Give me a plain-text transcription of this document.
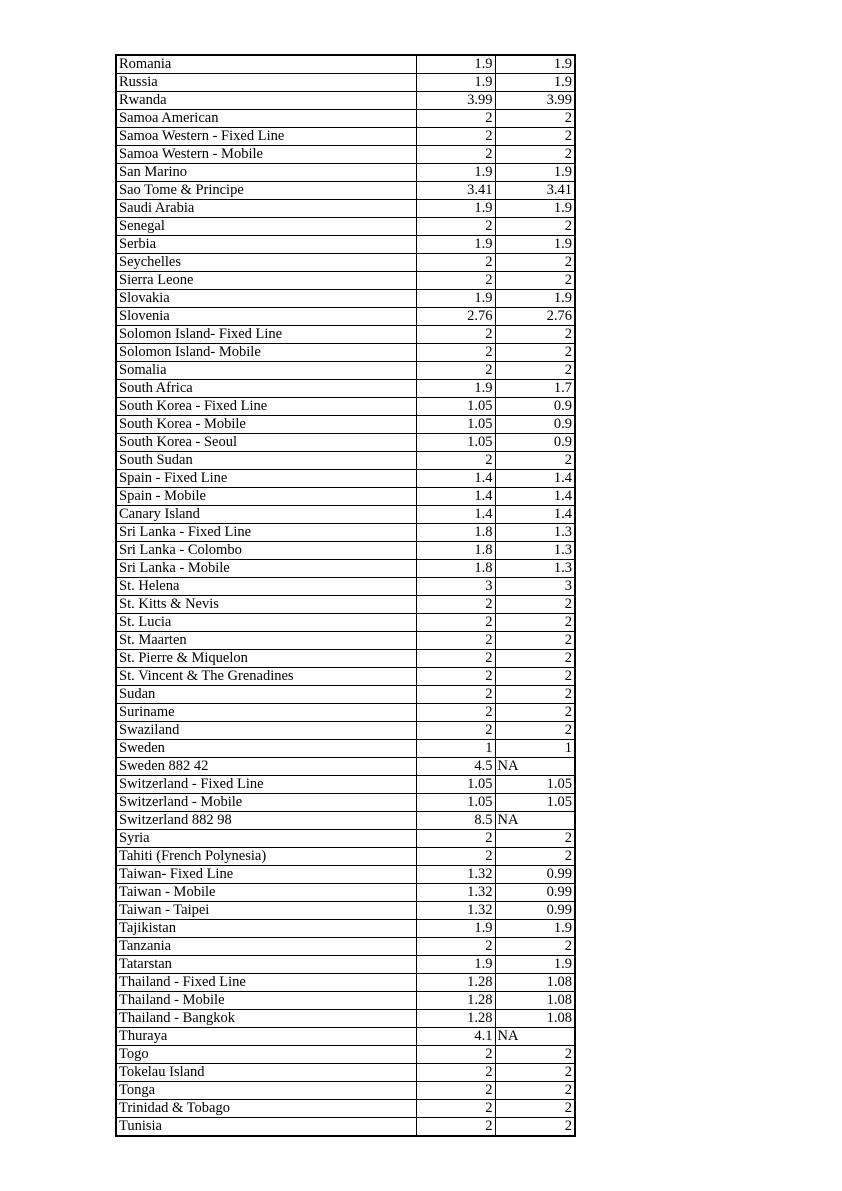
Romania	1.9	1.9
Russia	1.9	1.9
Rwanda	3.99	3.99
Samoa American	2	2
Samoa Western - Fixed Line	2	2
Samoa Western - Mobile	2	2
San Marino	1.9	1.9
Sao Tome & Principe	3.41	3.41
Saudi Arabia	1.9	1.9
Senegal	2	2
Serbia	1.9	1.9
Seychelles	2	2
Sierra Leone	2	2
Slovakia	1.9	1.9
Slovenia	2.76	2.76
Solomon Island- Fixed Line	2	2
Solomon Island- Mobile	2	2
Somalia	2	2
South Africa	1.9	1.7
South Korea - Fixed Line	1.05	0.9
South Korea - Mobile	1.05	0.9
South Korea - Seoul	1.05	0.9
South Sudan	2	2
Spain - Fixed Line	1.4	1.4
Spain - Mobile	1.4	1.4
Canary Island	1.4	1.4
Sri Lanka - Fixed Line	1.8	1.3
Sri Lanka - Colombo	1.8	1.3
Sri Lanka - Mobile	1.8	1.3
St. Helena	3	3
St. Kitts & Nevis	2	2
St. Lucia	2	2
St. Maarten	2	2
St. Pierre & Miquelon	2	2
St. Vincent & The Grenadines	2	2
Sudan	2	2
Suriname	2	2
Swaziland	2	2
Sweden	1	1
Sweden 882 42	4.5	NA

Switzerland - Fixed Line	1.05	1.05
Switzerland - Mobile	1.05	1.05
Switzerland 882 98	8.5	NA

Syria	2	2
Tahiti (French Polynesia)	2	2
Taiwan- Fixed Line	1.32	0.99
Taiwan - Mobile	1.32	0.99
Taiwan - Taipei	1.32	0.99
Tajikistan	1.9	1.9
Tanzania	2	2
Tatarstan	1.9	1.9
Thailand - Fixed Line	1.28	1.08
Thailand - Mobile	1.28	1.08
Thailand - Bangkok	1.28	1.08
Thuraya	4.1	NA

Togo	2	2
Tokelau Island	2	2
Tonga	2	2
Trinidad & Tobago	2	2
Tunisia	2	2
